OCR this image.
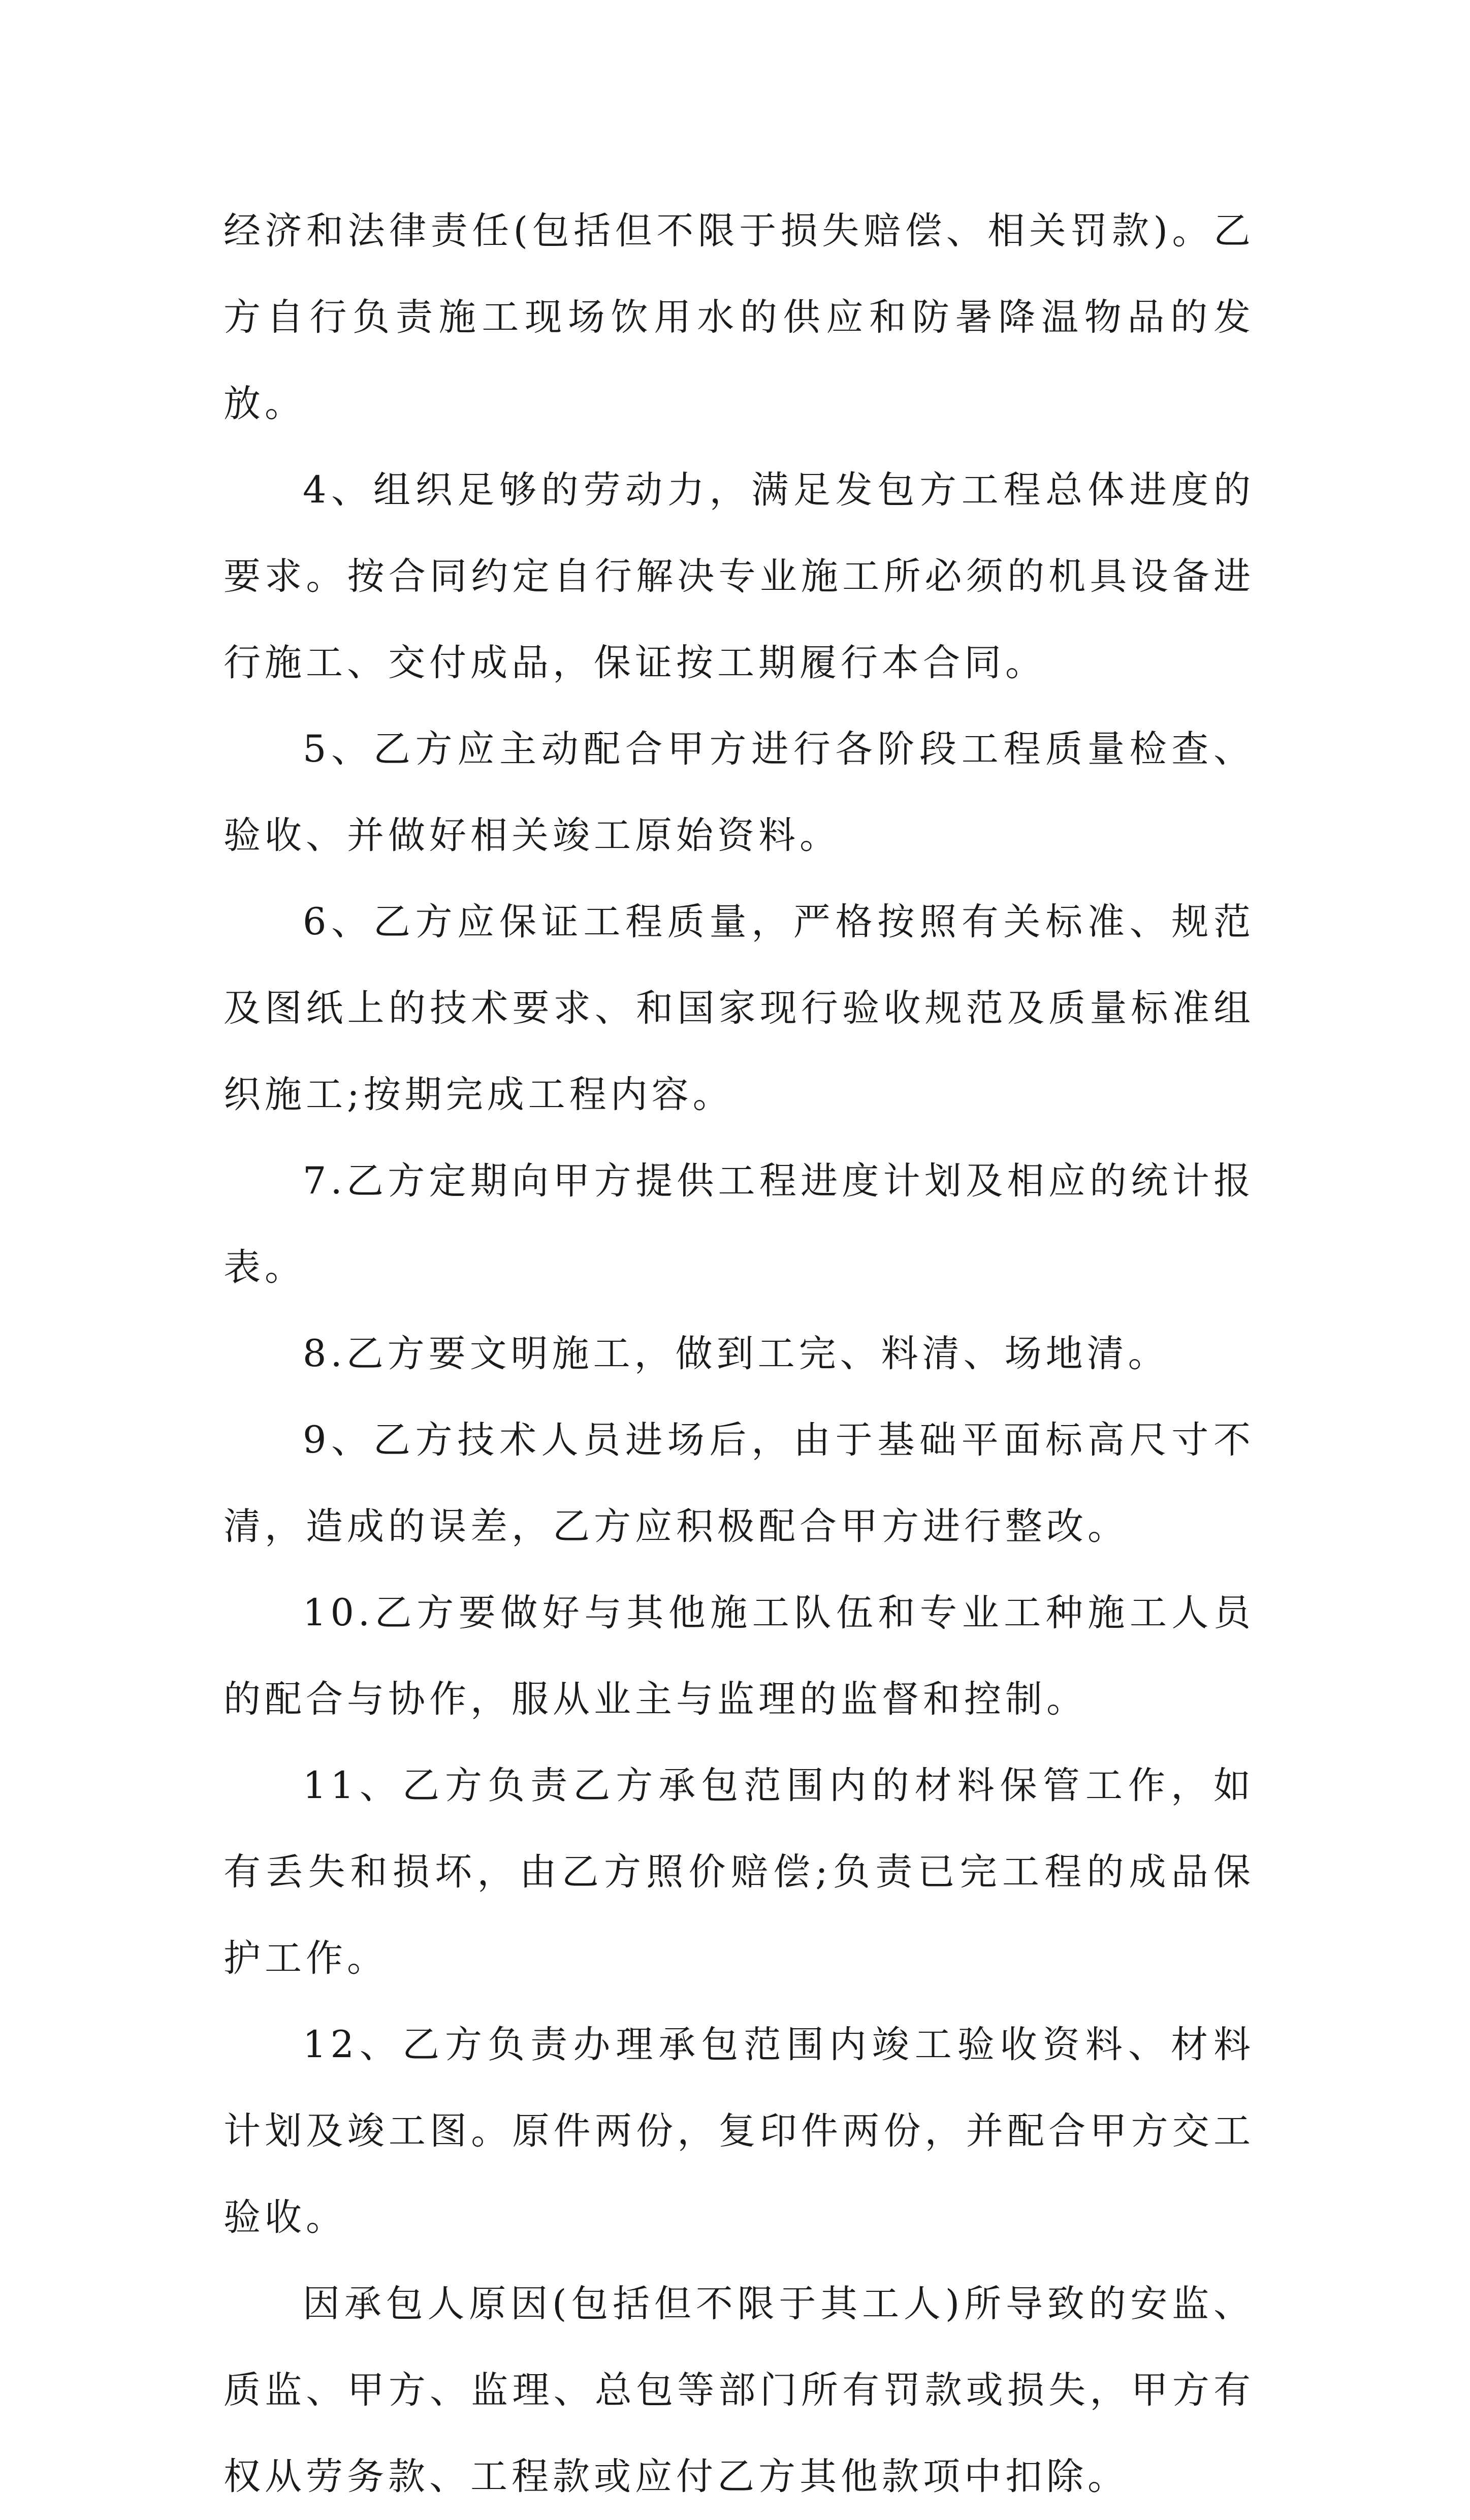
经济和法律责任(包括但不限于损失赔偿、相关罚款)。乙方自行负责施工现场饮用水的供应和防暑降温物品的发放。

4、组织足够的劳动力，满足发包方工程总体进度的要求。按合同约定自行解决专业施工所必须的机具设备进行施工、交付成品，保证按工期履行本合同。

5、乙方应主动配合甲方进行各阶段工程质量检查、验收、并做好相关竣工原始资料。

6、乙方应保证工程质量，严格按照有关标准、规范及图纸上的技术要求、和国家现行验收规范及质量标准组织施工;按期完成工程内容。

7.乙方定期向甲方提供工程进度计划及相应的统计报表。

8.乙方要文明施工，做到工完、料清、场地清。

9、乙方技术人员进场后，由于基础平面标高尺寸不清，造成的误差，乙方应积极配合甲方进行整改。

10.乙方要做好与其他施工队伍和专业工种施工人员的配合与协作，服从业主与监理的监督和控制。

11、乙方负责乙方承包范围内的材料保管工作，如有丢失和损坏，由乙方照价赔偿;负责已完工程的成品保护工作。

12、乙方负责办理承包范围内竣工验收资料、材料计划及竣工图。原件两份，复印件两份，并配合甲方交工验收。

因承包人原因(包括但不限于其工人)所导致的安监、质监、甲方、监理、总包等部门所有罚款或损失，甲方有权从劳务款、工程款或应付乙方其他款项中扣除。
